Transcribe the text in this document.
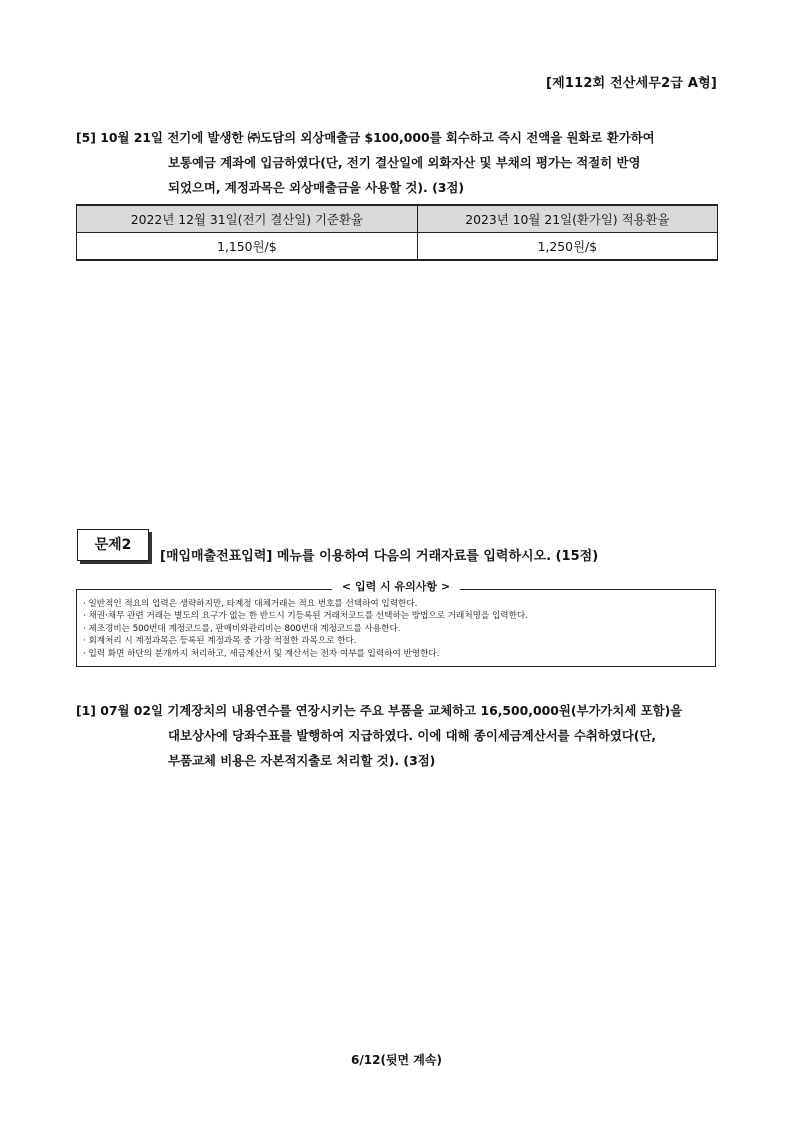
[제112회 전산세무2급 A형]
[5] 10월 21일 전기에 발생한 ㈜도담의 외상매출금 $100,000를 회수하고 즉시 전액을 원화로 환가하여
보통예금 계좌에 입금하였다(단, 전기 결산일에 외화자산 및 부채의 평가는 적절히 반영
되었으며, 계정과목은 외상매출금을 사용할 것). (3점)
2022년 12월 31일(전기 결산일) 기준환율	2023년 10월 21일(환가일) 적용환율
1,150원/$	1,250원/$
문제2
[매입매출전표입력] 메뉴를 이용하여 다음의 거래자료를 입력하시오. (15점)
< 입력 시 유의사항 >
· 일반적인 적요의 입력은 생략하지만, 타계정 대체거래는 적요 번호를 선택하여 입력한다.
· 채권·채무 관련 거래는 별도의 요구가 없는 한 반드시 기등록된 거래처코드를 선택하는 방법으로 거래처명을 입력한다.
· 제조경비는 500번대 계정코드를, 판매비와관리비는 800번대 계정코드를 사용한다.
· 회계처리 시 계정과목은 등록된 계정과목 중 가장 적절한 과목으로 한다.
· 입력 화면 하단의 분개까지 처리하고, 세금계산서 및 계산서는 전자 여부를 입력하여 반영한다.
[1] 07월 02일 기계장치의 내용연수를 연장시키는 주요 부품을 교체하고 16,500,000원(부가가치세 포함)을
대보상사에 당좌수표를 발행하여 지급하였다. 이에 대해 종이세금계산서를 수취하였다(단,
부품교체 비용은 자본적지출로 처리할 것). (3점)
6/12(뒷면 계속)
